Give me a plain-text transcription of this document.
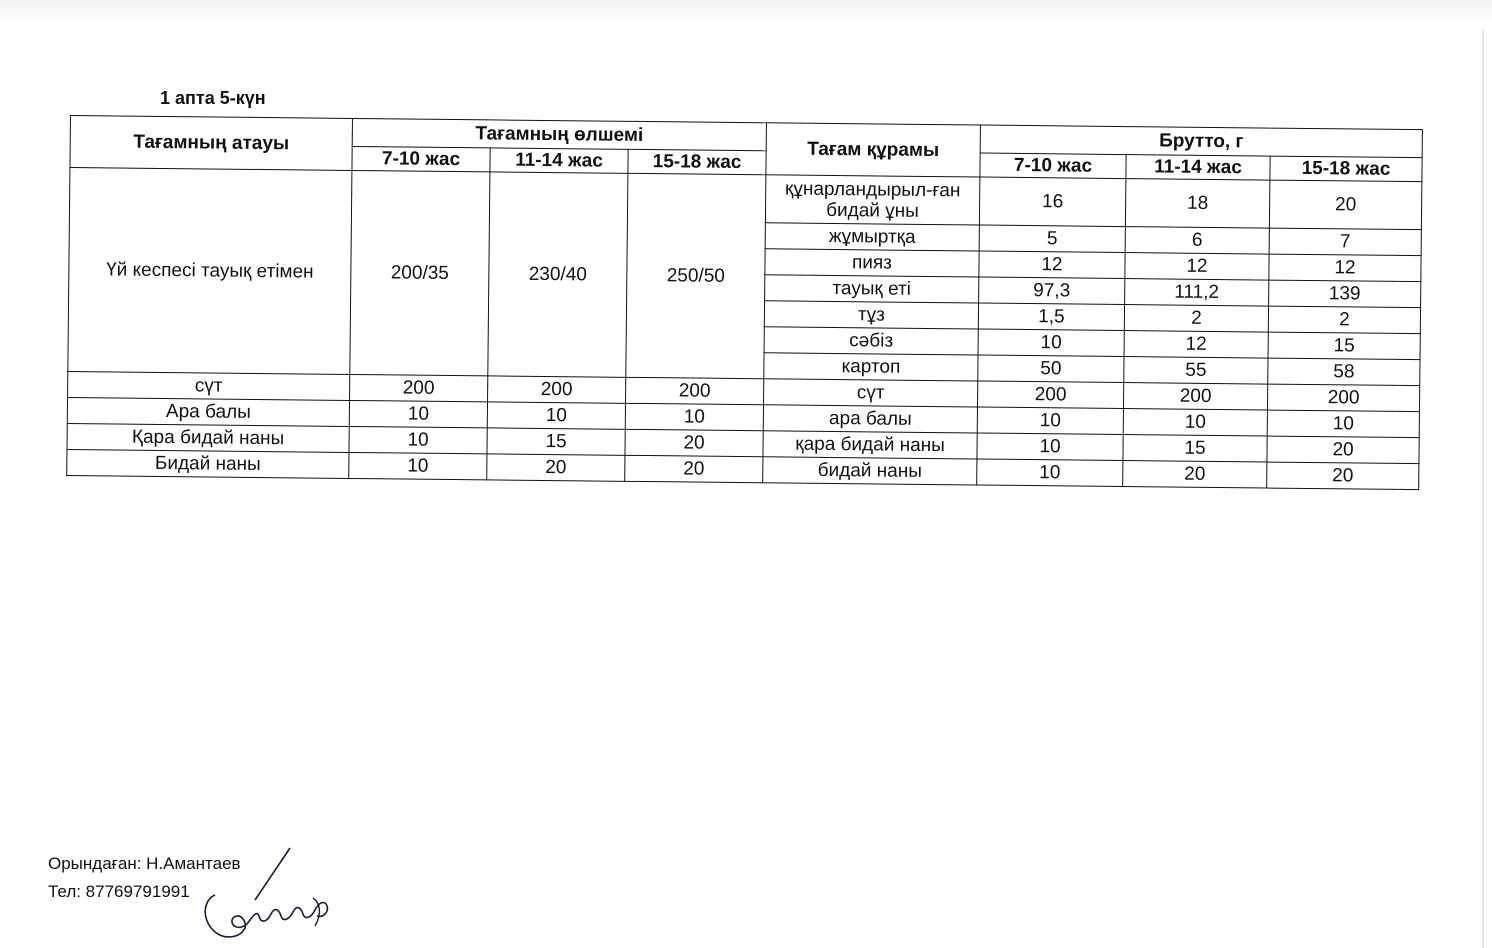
1 апта 5-күн
Тағамның атауы	Тағамның өлшемі			Тағам құрамы	Брутто, г		
	7-10 жас	11-14 жас	15-18 жас		7-10 жас	11-14 жас	15-18 жас
Үй кеспесі тауық етімен	200/35	230/40	250/50	құнарландырыл-ған бидай ұны	16	18	20
				жұмыртқа	5	6	7
				пияз	12	12	12
				тауық еті	97,3	111,2	139
				тұз	1,5	2	2
				сәбіз	10	12	15
				картоп	50	55	58
сүт	200	200	200	сүт	200	200	200
Ара балы	10	10	10	ара балы	10	10	10
Қара бидай наны	10	15	20	қара бидай наны	10	15	20
Бидай наны	10	20	20	бидай наны	10	20	20
Орындаған: Н.Амантаев
Тел: 87769791991
